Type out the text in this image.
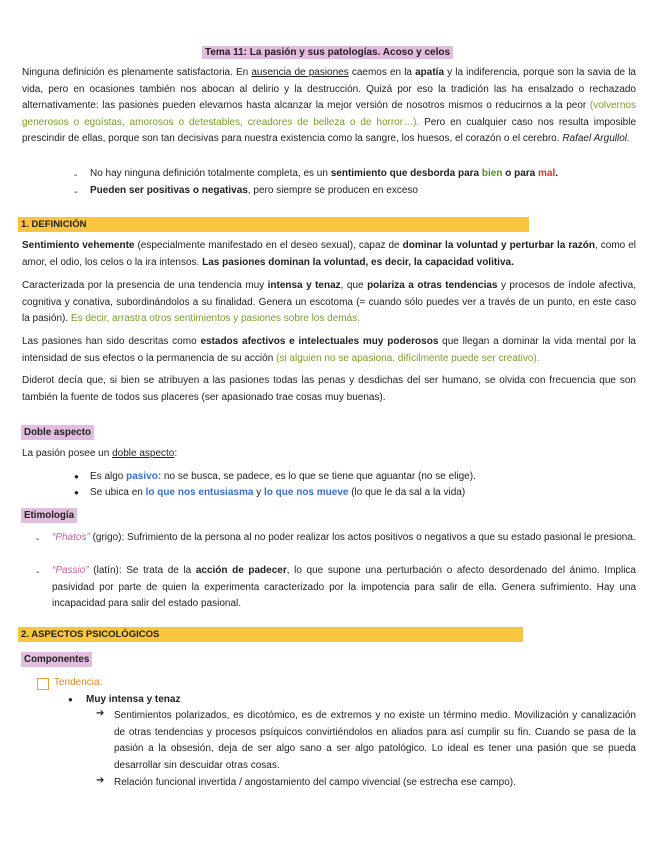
Tema 11: La pasión y sus patologías. Acoso y celos

Ninguna definición es plenamente satisfactoria. En ausencia de pasiones caemos en la apatía y la indiferencia, porque son la savia de la vida, pero en ocasiones también nos abocan al delirio y la destrucción. Quizá por eso la tradición las ha ensalzado o rechazado alternativamente: las pasiones pueden elevarnos hasta alcanzar la mejor versión de nosotros mismos o reducirnos a la peor (volvernos generosos o egoístas, amorosos o detestables, creadores de belleza o de horror…). Pero en cualquier caso nos resulta imposible prescindir de ellas, porque son tan decisivas para nuestra existencia como la sangre, los huesos, el corazón o el cerebro. Rafael Argullol.

- No hay ninguna definición totalmente completa, es un sentimiento que desborda para bien o para mal.

- Pueden ser positivas o negativas, pero siempre se producen en exceso

1. DEFINICIÓN

Sentimiento vehemente (especialmente manifestado en el deseo sexual), capaz de dominar la voluntad y perturbar la razón, como el amor, el odio, los celos o la ira intensos. Las pasiones dominan la voluntad, es decir, la capacidad volitiva.

Caracterizada por la presencia de una tendencia muy intensa y tenaz, que polariza a otras tendencias y procesos de índole afectiva, cognitiva y conativa, subordinándolos a su finalidad. Genera un escotoma (= cuando sólo puedes ver a través de un punto, en este caso la pasión). Es decir, arrastra otros sentimientos y pasiones sobre los demás.

Las pasiones han sido descritas como estados afectivos e intelectuales muy poderosos que llegan a dominar la vida mental por la intensidad de sus efectos o la permanencia de su acción (si alguien no se apasiona, difícilmente puede ser creativo).

Diderot decía que, si bien se atribuyen a las pasiones todas las penas y desdichas del ser humano, se olvida con frecuencia que son también la fuente de todos sus placeres (ser apasionado trae cosas muy buenas).

Doble aspecto

La pasión posee un doble aspecto:

● Es algo pasivo: no se busca, se padece, es lo que se tiene que aguantar (no se elige).

● Se ubica en lo que nos entusiasma y lo que nos mueve (lo que le da sal a la vida)

Etimología
- “Phatos” (grigo): Sufrimiento de la persona al no poder realizar los actos positivos o negativos a que su estado pasional le presiona.

- “Passio” (latín): Se trata de la acción de padecer, lo que supone una perturbación o afecto desordenado del ánimo. Implica pasividad por parte de quien la experimenta caracterizado por la impotencia para salir de ella. Genera sufrimiento. Hay una incapacidad para salir del estado pasional.

2. ASPECTOS PSICOLÓGICOS
Componentes
Tendencia:
● Muy intensa y tenaz
➔ Sentimientos polarizados, es dicotómico, es de extremos y no existe un término medio. Movilización y canalización de otras tendencias y procesos psíquicos convirtiéndolos en aliados para así cumplir su fin. Cuando se pasa de la pasión a la obsesión, deja de ser algo sano a ser algo patológico. Lo ideal es tener una pasión que se pueda desarrollar sin descuidar otras cosas.

➔ Relación funcional invertida / angostamiento del campo vivencial (se estrecha ese campo).
